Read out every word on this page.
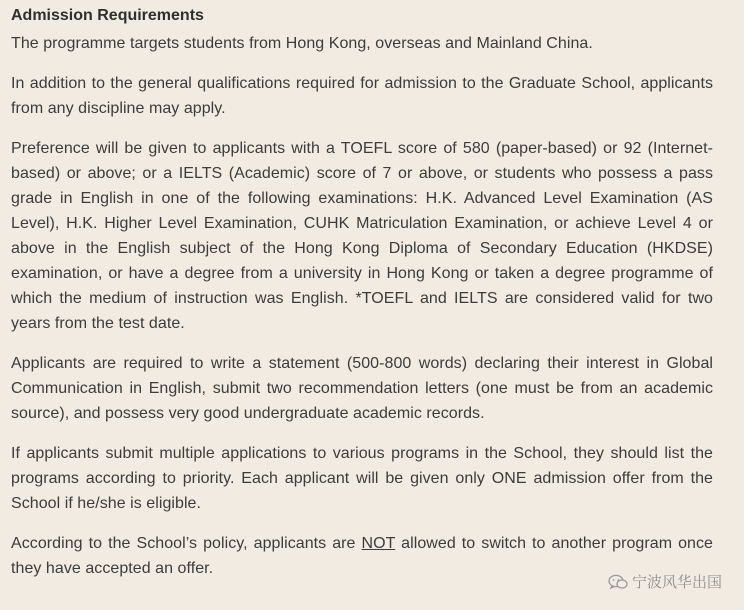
Admission Requirements

The programme targets students from Hong Kong, overseas and Mainland China.

In addition to the general qualifications required for admission to the Graduate School, applicants from any discipline may apply.

Preference will be given to applicants with a TOEFL score of 580 (paper-based) or 92 (Internet-based) or above; or a IELTS (Academic) score of 7 or above, or students who possess a pass grade in English in one of the following examinations: H.K. Advanced Level Examination (AS Level), H.K. Higher Level Examination, CUHK Matriculation Examination, or achieve Level 4 or above in the English subject of the Hong Kong Diploma of Secondary Education (HKDSE) examination, or have a degree from a university in Hong Kong or taken a degree programme of which the medium of instruction was English. *TOEFL and IELTS are considered valid for two years from the test date.

Applicants are required to write a statement (500-800 words) declaring their interest in Global Communication in English, submit two recommendation letters (one must be from an academic source), and possess very good undergraduate academic records.

If applicants submit multiple applications to various programs in the School, they should list the programs according to priority. Each applicant will be given only ONE admission offer from the School if he/she is eligible.

According to the School’s policy, applicants are NOT allowed to switch to another program once they have accepted an offer.

宁波风华出国
